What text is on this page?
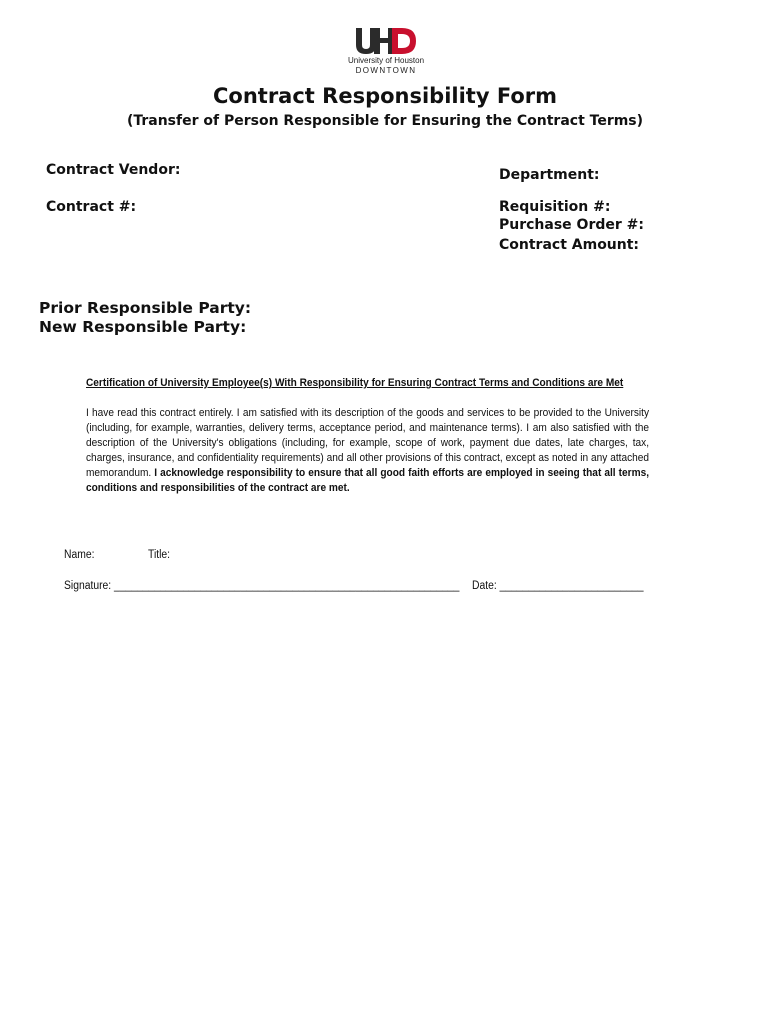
University of Houston
DOWNTOWN
Contract Responsibility Form
(Transfer of Person Responsible for Ensuring the Contract Terms)
Contract Vendor:
Contract #:
Department:
Requisition #:
Purchase Order #:
Contract Amount:
Prior Responsible Party:
New Responsible Party:
Certification of University Employee(s) With Responsibility for Ensuring Contract Terms and Conditions are Met
I have read this contract entirely. I am satisfied with its description of the goods and services to be provided to the University (including, for example, warranties, delivery terms, acceptance period, and maintenance terms). I am also satisfied with the description of the University's obligations (including, for example, scope of work, payment due dates, late charges, tax, charges, insurance, and confidentiality requirements) and all other provisions of this contract, except as noted in any attached memorandum. I acknowledge responsibility to ensure that all good faith efforts are employed in seeing that all terms, conditions and responsibilities of the contract are met.
Name:	Title:
Signature: ____________________________________________________________ Date: _________________________
